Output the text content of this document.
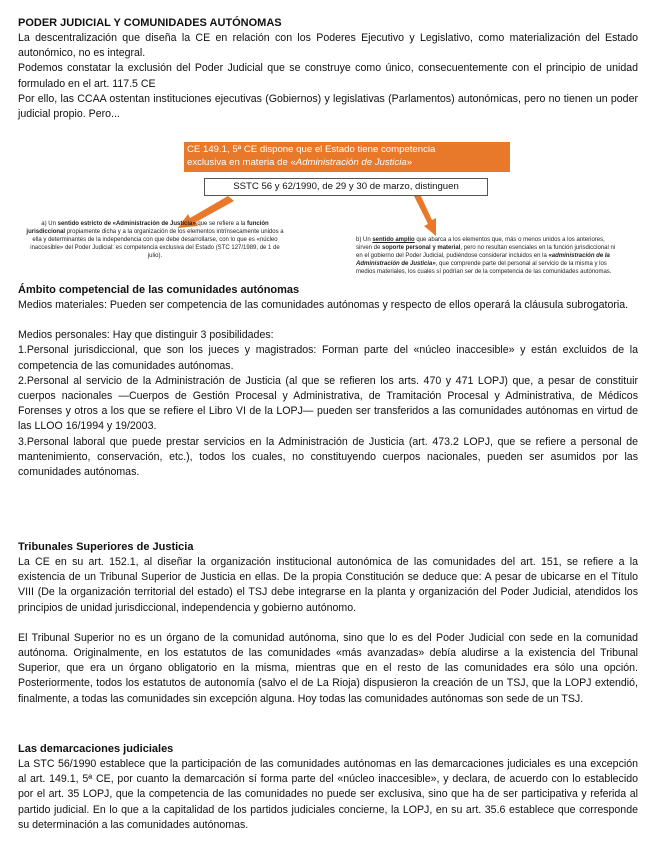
PODER JUDICIAL Y COMUNIDADES AUTÓNOMAS

La descentralización que diseña la CE en relación con los Poderes Ejecutivo y Legislativo, como materialización del Estado autonómico, no es integral.

Podemos constatar la exclusión del Poder Judicial que se construye como único, consecuentemente con el principio de unidad formulado en el art. 117.5 CE

Por ello, las CCAA ostentan instituciones ejecutivas (Gobiernos) y legislativas (Parlamentos) autonómicas, pero no tienen un poder judicial propio. Pero...

CE 149.1, 5ª CE dispone que el Estado tiene competencia
exclusiva en materia de «Administración de Justicia»
SSTC 56 y 62/1990, de 29 y 30 de marzo, distinguen
a) Un sentido estricto de «Administración de Justicia» que se refiere a la función jurisdiccional propiamente dicha y a la organización de los elementos intrínsecamente unidos a ella y determinantes de la independencia con que debe desarrollarse, con lo que es «núcleo inaccesible» del Poder Judicial: es competencia exclusiva del Estado (STC 127/1989, de 1 de julio).
b) Un sentido amplio que abarca a los elementos que, más o menos unidos a los anteriores, sirven de soporte personal y material, pero no resultan esenciales en la función jurisdiccional ni en el gobierno del Poder Judicial, pudiéndose considerar incluidos en la «administración de la Administración de Justicia», que comprende parte del personal al servicio de la misma y los medios materiales, los cuales sí podrían ser de la competencia de las comunidades autónomas.
Ámbito competencial de las comunidades autónomas

Medios materiales: Pueden ser competencia de las comunidades autónomas y respecto de ellos operará la cláusula subrogatoria.

Medios personales: Hay que distinguir 3 posibilidades:

1.Personal jurisdiccional, que son los jueces y magistrados: Forman parte del «núcleo inaccesible» y están excluidos de la competencia de las comunidades autónomas.

2.Personal al servicio de la Administración de Justicia (al que se refieren los arts. 470 y 471 LOPJ) que, a pesar de constituir cuerpos nacionales —Cuerpos de Gestión Procesal y Administrativa, de Tramitación Procesal y Administrativa, de Médicos Forenses y otros a los que se refiere el Libro VI de la LOPJ— pueden ser transferidos a las comunidades autónomas en virtud de las LLOO 16/1994 y 19/2003.

3.Personal laboral que puede prestar servicios en la Administración de Justicia (art. 473.2 LOPJ, que se refiere a personal de mantenimiento, conservación, etc.), todos los cuales, no constituyendo cuerpos nacionales, pueden ser asumidos por las comunidades autónomas.

Tribunales Superiores de Justicia

La CE en su art. 152.1, al diseñar la organización institucional autonómica de las comunidades del art. 151, se refiere a la existencia de un Tribunal Superior de Justicia en ellas. De la propia Constitución se deduce que: A pesar de ubicarse en el Título VIII (De la organización territorial del estado) el TSJ debe integrarse en la planta y organización del Poder Judicial, atendidos los principios de unidad jurisdiccional, independencia y gobierno autónomo.

El Tribunal Superior no es un órgano de la comunidad autónoma, sino que lo es del Poder Judicial con sede en la comunidad autónoma. Originalmente, en los estatutos de las comunidades «más avanzadas» debía aludirse a la existencia del Tribunal Superior, que era un órgano obligatorio en la misma, mientras que en el resto de las comunidades era sólo una opción. Posteriormente, todos los estatutos de autonomía (salvo el de La Rioja) dispusieron la creación de un TSJ, que la LOPJ extendió, finalmente, a todas las comunidades sin excepción alguna. Hoy todas las comunidades autónomas son sede de un TSJ.

Las demarcaciones judiciales

La STC 56/1990 establece que la participación de las comunidades autónomas en las demarcaciones judiciales es una excepción al art. 149.1, 5ª CE, por cuanto la demarcación sí forma parte del «núcleo inaccesible», y declara, de acuerdo con lo establecido por el art. 35 LOPJ, que la competencia de las comunidades no puede ser exclusiva, sino que ha de ser participativa y referida al partido judicial. En lo que a la capitalidad de los partidos judiciales concierne, la LOPJ, en su art. 35.6 establece que corresponde su determinación a las comunidades autónomas.
